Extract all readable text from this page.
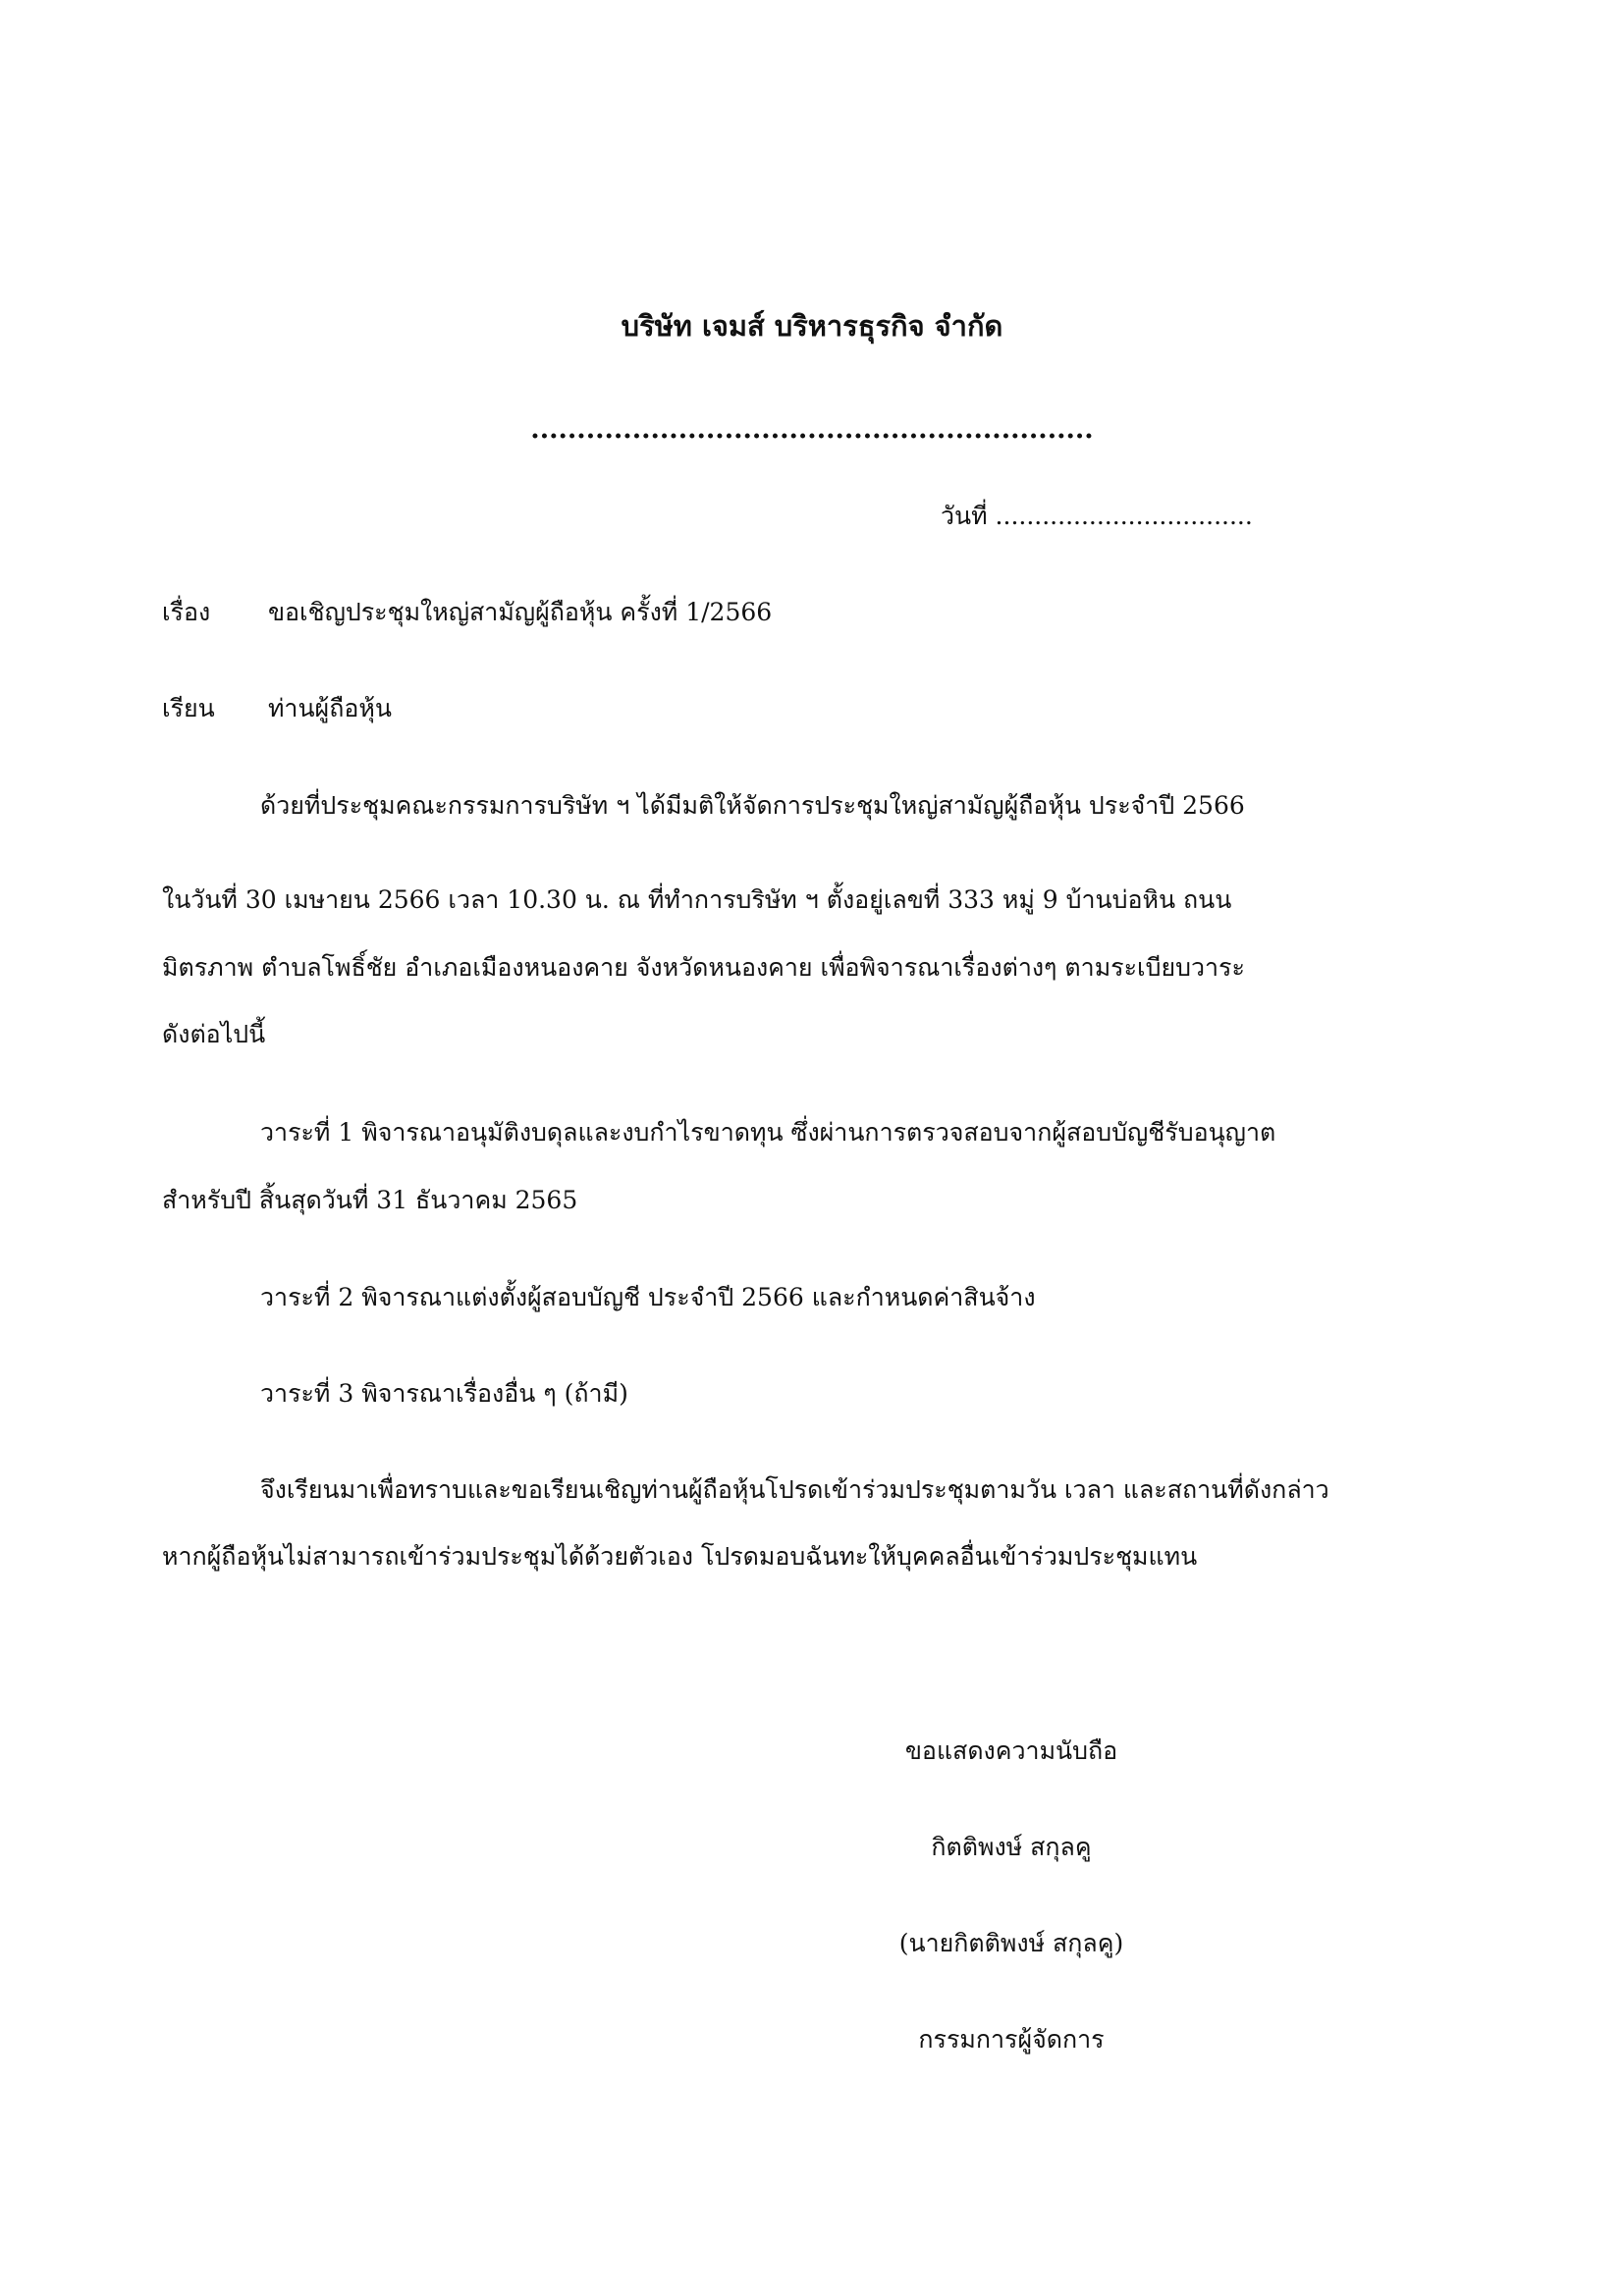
บริษัท เจมส์ บริหารธุรกิจ จำกัด
.............................................................
วันที่ .................................
เรื่อง ขอเชิญประชุมใหญ่สามัญผู้ถือหุ้น ครั้งที่ 1/2566
เรียน ท่านผู้ถือหุ้น
ด้วยที่ประชุมคณะกรรมการบริษัท ฯ ได้มีมติให้จัดการประชุมใหญ่สามัญผู้ถือหุ้น ประจำปี 2566
ในวันที่ 30 เมษายน 2566 เวลา 10.30 น. ณ ที่ทำการบริษัท ฯ ตั้งอยู่เลขที่ 333 หมู่ 9 บ้านบ่อหิน ถนน
มิตรภาพ ตำบลโพธิ์ชัย อำเภอเมืองหนองคาย จังหวัดหนองคาย เพื่อพิจารณาเรื่องต่างๆ ตามระเบียบวาระ
ดังต่อไปนี้
วาระที่ 1 พิจารณาอนุมัติงบดุลและงบกำไรขาดทุน ซึ่งผ่านการตรวจสอบจากผู้สอบบัญชีรับอนุญาต
สำหรับปี สิ้นสุดวันที่ 31 ธันวาคม 2565
วาระที่ 2 พิจารณาแต่งตั้งผู้สอบบัญชี ประจำปี 2566 และกำหนดค่าสินจ้าง
วาระที่ 3 พิจารณาเรื่องอื่น ๆ (ถ้ามี)
จึงเรียนมาเพื่อทราบและขอเรียนเชิญท่านผู้ถือหุ้นโปรดเข้าร่วมประชุมตามวัน เวลา และสถานที่ดังกล่าว
หากผู้ถือหุ้นไม่สามารถเข้าร่วมประชุมได้ด้วยตัวเอง โปรดมอบฉันทะให้บุคคลอื่นเข้าร่วมประชุมแทน
ขอแสดงความนับถือ
กิตติพงษ์ สกุลคู
(นายกิตติพงษ์ สกุลคู)
กรรมการผู้จัดการ
